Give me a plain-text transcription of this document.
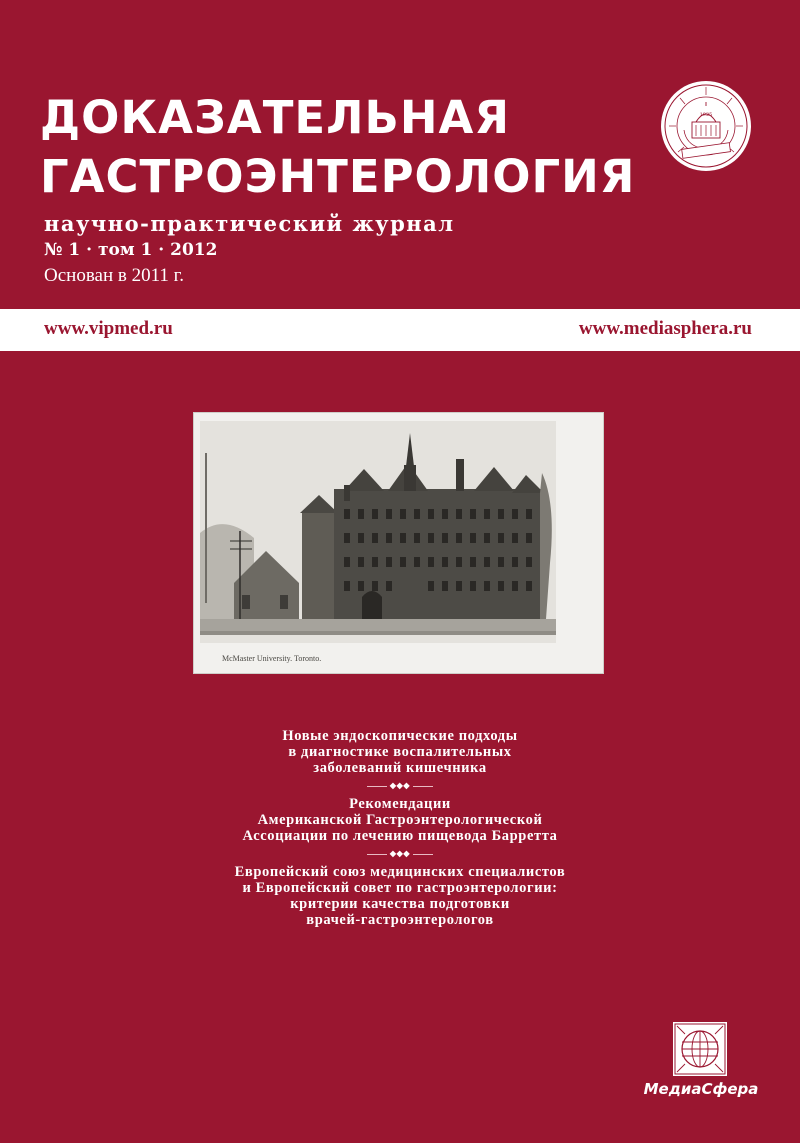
ДОКАЗАТЕЛЬНАЯ
ГАСТРОЭНТЕРОЛОГИЯ
научно-практический журнал
№ 1 · том 1 · 2012
Основан в 2011 г.
1925
www.vipmed.ru	www.mediasphera.ru
McMaster University. Toronto.
Новые эндоскопические подходы
в диагностике воспалительных
заболеваний кишечника
◆◆◆
Рекомендации
Американской Гастроэнтерологической
Ассоциации по лечению пищевода Барретта
◆◆◆
Европейский союз медицинских специалистов
и Европейский совет по гастроэнтерологии:
критерии качества подготовки
врачей-гастроэнтерологов
МедиаСфера
